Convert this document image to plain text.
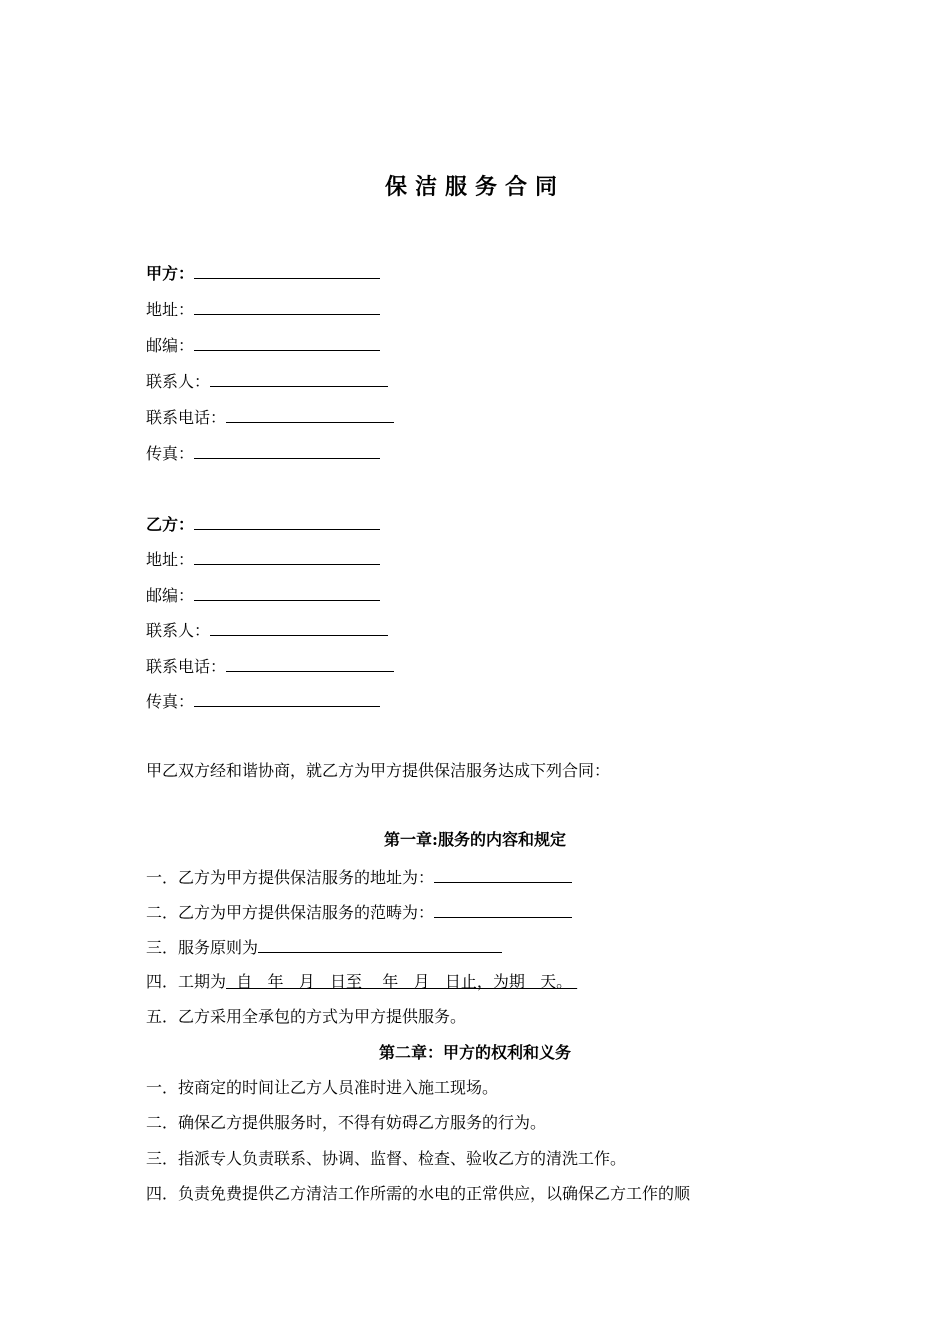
保洁服务合同
甲方：
地址：
邮编：
联系人：
联系电话：
传真：
乙方：
地址：
邮编：
联系人：
联系电话：
传真：
甲乙双方经和谐协商，就乙方为甲方提供保洁服务达成下列合同：
第一章:服务的内容和规定
一．乙方为甲方提供保洁服务的地址为：
二．乙方为甲方提供保洁服务的范畴为：
三．服务原则为
四．工期为  自   年   月   日至    年   月   日止，为期   天。
五．乙方采用全承包的方式为甲方提供服务。
第二章：甲方的权利和义务
一．按商定的时间让乙方人员准时进入施工现场。
二．确保乙方提供服务时，不得有妨碍乙方服务的行为。
三．指派专人负责联系、协调、监督、检查、验收乙方的清洗工作。
四．负责免费提供乙方清洁工作所需的水电的正常供应，以确保乙方工作的顺
